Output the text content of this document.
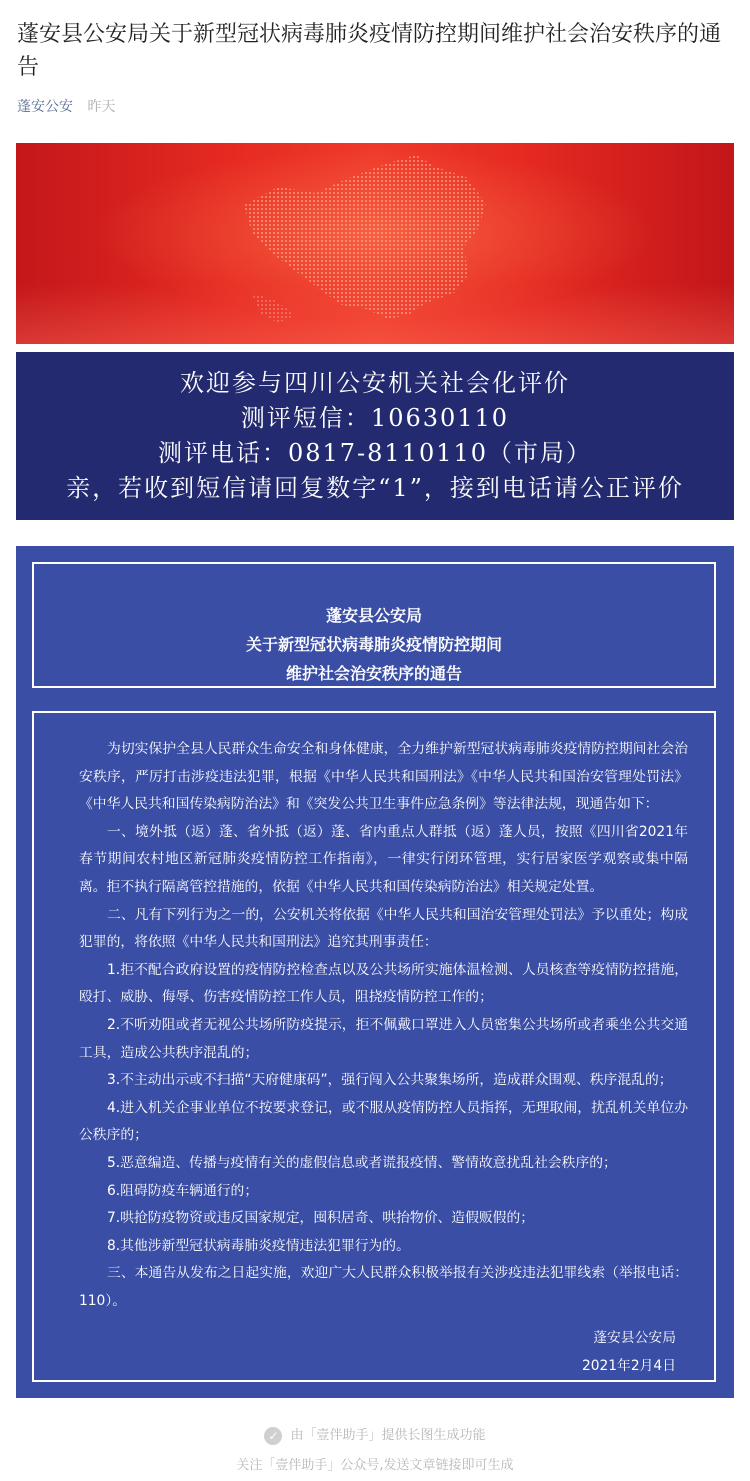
蓬安县公安局关于新型冠状病毒肺炎疫情防控期间维护社会治安秩序的通告
蓬安公安 昨天
欢迎参与四川公安机关社会化评价
测评短信：10630110
测评电话：0817-8110110（市局）
亲，若收到短信请回复数字“1”，接到电话请公正评价
蓬安县公安局
关于新型冠状病毒肺炎疫情防控期间
维护社会治安秩序的通告

为切实保护全县人民群众生命安全和身体健康，全力维护新型冠状病毒肺炎疫情防控期间社会治安秩序，严厉打击涉疫违法犯罪，根据《中华人民共和国刑法》《中华人民共和国治安管理处罚法》《中华人民共和国传染病防治法》和《突发公共卫生事件应急条例》等法律法规，现通告如下：

一、境外抵（返）蓬、省外抵（返）蓬、省内重点人群抵（返）蓬人员，按照《四川省2021年春节期间农村地区新冠肺炎疫情防控工作指南》，一律实行闭环管理，实行居家医学观察或集中隔离。拒不执行隔离管控措施的，依据《中华人民共和国传染病防治法》相关规定处置。

二、凡有下列行为之一的，公安机关将依据《中华人民共和国治安管理处罚法》予以重处；构成犯罪的，将依照《中华人民共和国刑法》追究其刑事责任：

1.拒不配合政府设置的疫情防控检查点以及公共场所实施体温检测、人员核查等疫情防控措施，殴打、威胁、侮辱、伤害疫情防控工作人员，阻挠疫情防控工作的；

2.不听劝阻或者无视公共场所防疫提示，拒不佩戴口罩进入人员密集公共场所或者乘坐公共交通工具，造成公共秩序混乱的；

3.不主动出示或不扫描“天府健康码”，强行闯入公共聚集场所，造成群众围观、秩序混乱的；

4.进入机关企事业单位不按要求登记，或不服从疫情防控人员指挥，无理取闹，扰乱机关单位办公秩序的；

5.恶意编造、传播与疫情有关的虚假信息或者谎报疫情、警情故意扰乱社会秩序的；

6.阻碍防疫车辆通行的；

7.哄抢防疫物资或违反国家规定，囤积居奇、哄抬物价、造假贩假的；

8.其他涉新型冠状病毒肺炎疫情违法犯罪行为的。

三、本通告从发布之日起实施，欢迎广大人民群众积极举报有关涉疫违法犯罪线索（举报电话：110）。

蓬安县公安局

2021年2月4日

✓ 由「壹伴助手」提供长图生成功能
关注「壹伴助手」公众号,发送文章链接即可生成
